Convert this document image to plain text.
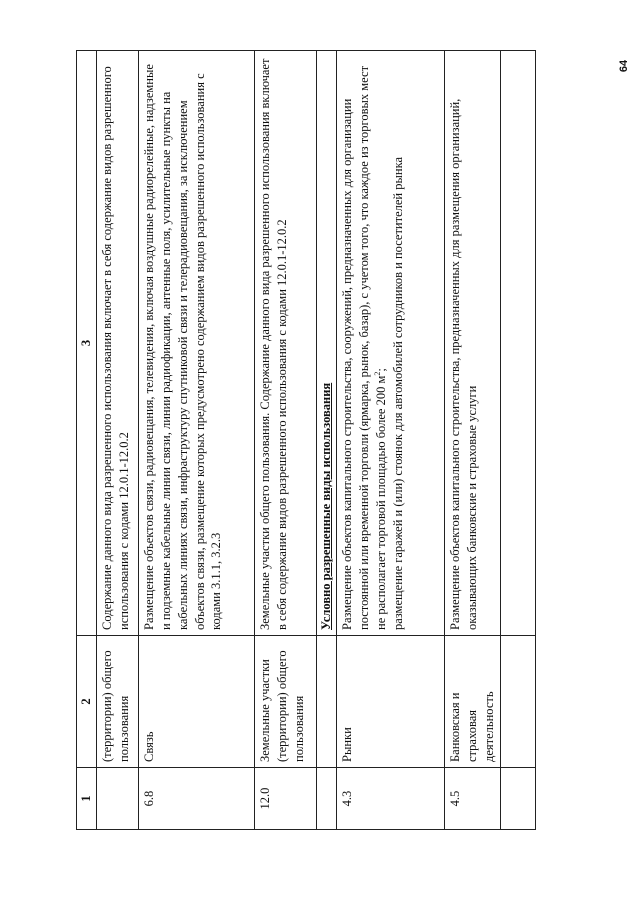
64
1	2	3
	(территории) общего пользования	Содержание данного вида разрешенного использования включает в себя содержание видов разрешенного использования с кодами 12.0.1-12.0.2
6.8	Связь	Размещение объектов связи, радиовещания, телевидения, включая воздушные радиорелейные, надземные и подземные кабельные линии связи, линии радиофикации, антенные поля, усилительные пункты на кабельных линиях связи, инфраструктуру спутниковой связи и телерадиовещания, за исключением объектов связи, размещение которых предусмотрено содержанием видов разрешенного использования с кодами 3.1.1, 3.2.3
12.0	Земельные участки (территории) общего пользования	Земельные участки общего пользования. Содержание данного вида разрешенного использования включает в себя содержание видов разрешенного использования с кодами 12.0.1-12.0.2
		Условно разрешенные виды использования
4.3	Рынки	Размещение объектов капитального строительства, сооружений, предназначенных для организации постоянной или временной торговли (ярмарка, рынок, базар), с учетом того, что каждое из торговых мест не располагает торговой площадью более 200 $м^2$; размещение гаражей и (или) стоянок для автомобилей сотрудников и посетителей рынка
4.5	Банковская и страховая деятельность	Размещение объектов капитального строительства, предназначенных для размещения организаций, оказывающих банковские и страховые услуги
